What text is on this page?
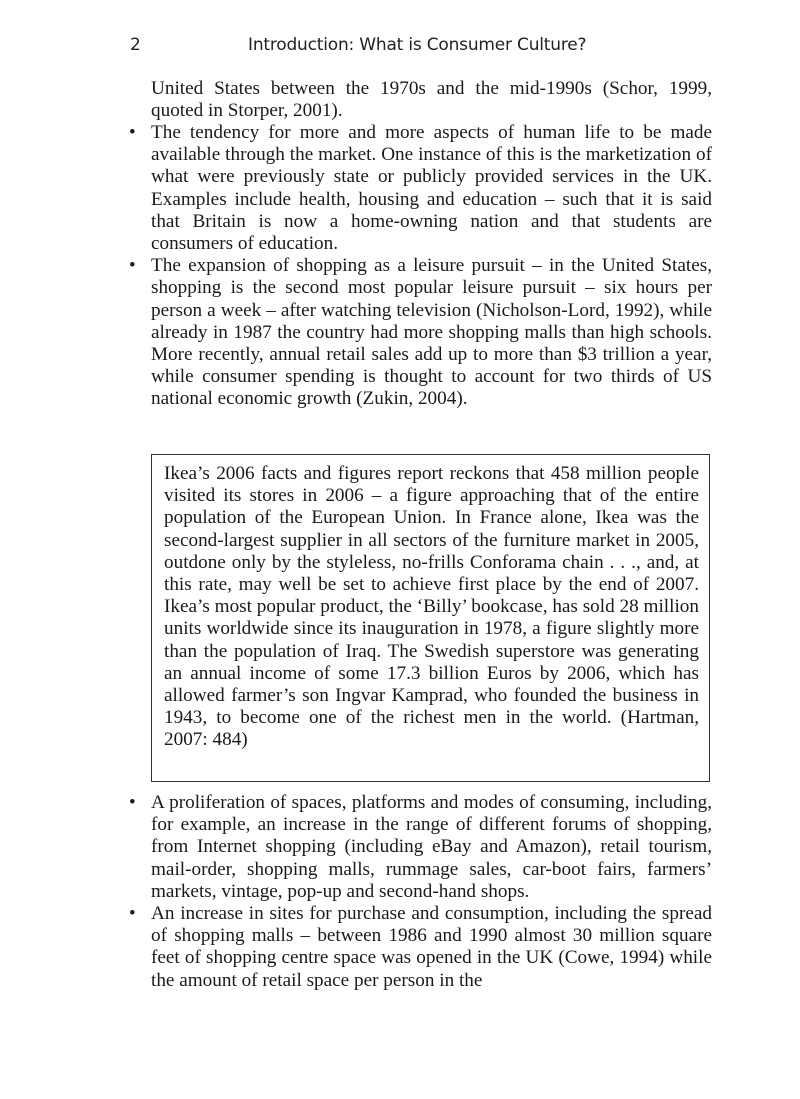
2	Introduction: What is Consumer Culture?

United States between the 1970s and the mid-1990s (Schor, 1999, quoted in Storper, 2001).

• The tendency for more and more aspects of human life to be made available through the market. One instance of this is the marketization of what were previously state or publicly provided services in the UK. Examples include health, housing and education – such that it is said that Britain is now a home-owning nation and that students are consumers of education.
• The expansion of shopping as a leisure pursuit – in the United States, shopping is the second most popular leisure pursuit – six hours per person a week – after watching television (Nicholson-Lord, 1992), while already in 1987 the country had more shopping malls than high schools. More recently, annual retail sales add up to more than $3 trillion a year, while consumer spending is thought to account for two thirds of US national economic growth (Zukin, 2004).

Ikea’s 2006 facts and figures report reckons that 458 million people visited its stores in 2006 – a figure approaching that of the entire population of the European Union. In France alone, Ikea was the second-largest supplier in all sectors of the furniture market in 2005, outdone only by the styleless, no-frills Conforama chain . . ., and, at this rate, may well be set to achieve first place by the end of 2007. Ikea’s most popular product, the ‘Billy’ bookcase, has sold 28 million units worldwide since its inauguration in 1978, a figure slightly more than the population of Iraq. The Swedish superstore was generating an annual income of some 17.3 billion Euros by 2006, which has allowed farmer’s son Ingvar Kamprad, who founded the business in 1943, to become one of the richest men in the world. (Hartman, 2007: 484)

• A proliferation of spaces, platforms and modes of consuming, including, for example, an increase in the range of different forums of shopping, from Internet shopping (including eBay and Amazon), retail tourism, mail-order, shopping malls, rummage sales, car-boot fairs, farmers’ markets, vintage, pop-up and second-hand shops.
• An increase in sites for purchase and consumption, including the spread of shopping malls – between 1986 and 1990 almost 30 million square feet of shopping centre space was opened in the UK (Cowe, 1994) while the amount of retail space per person in the
